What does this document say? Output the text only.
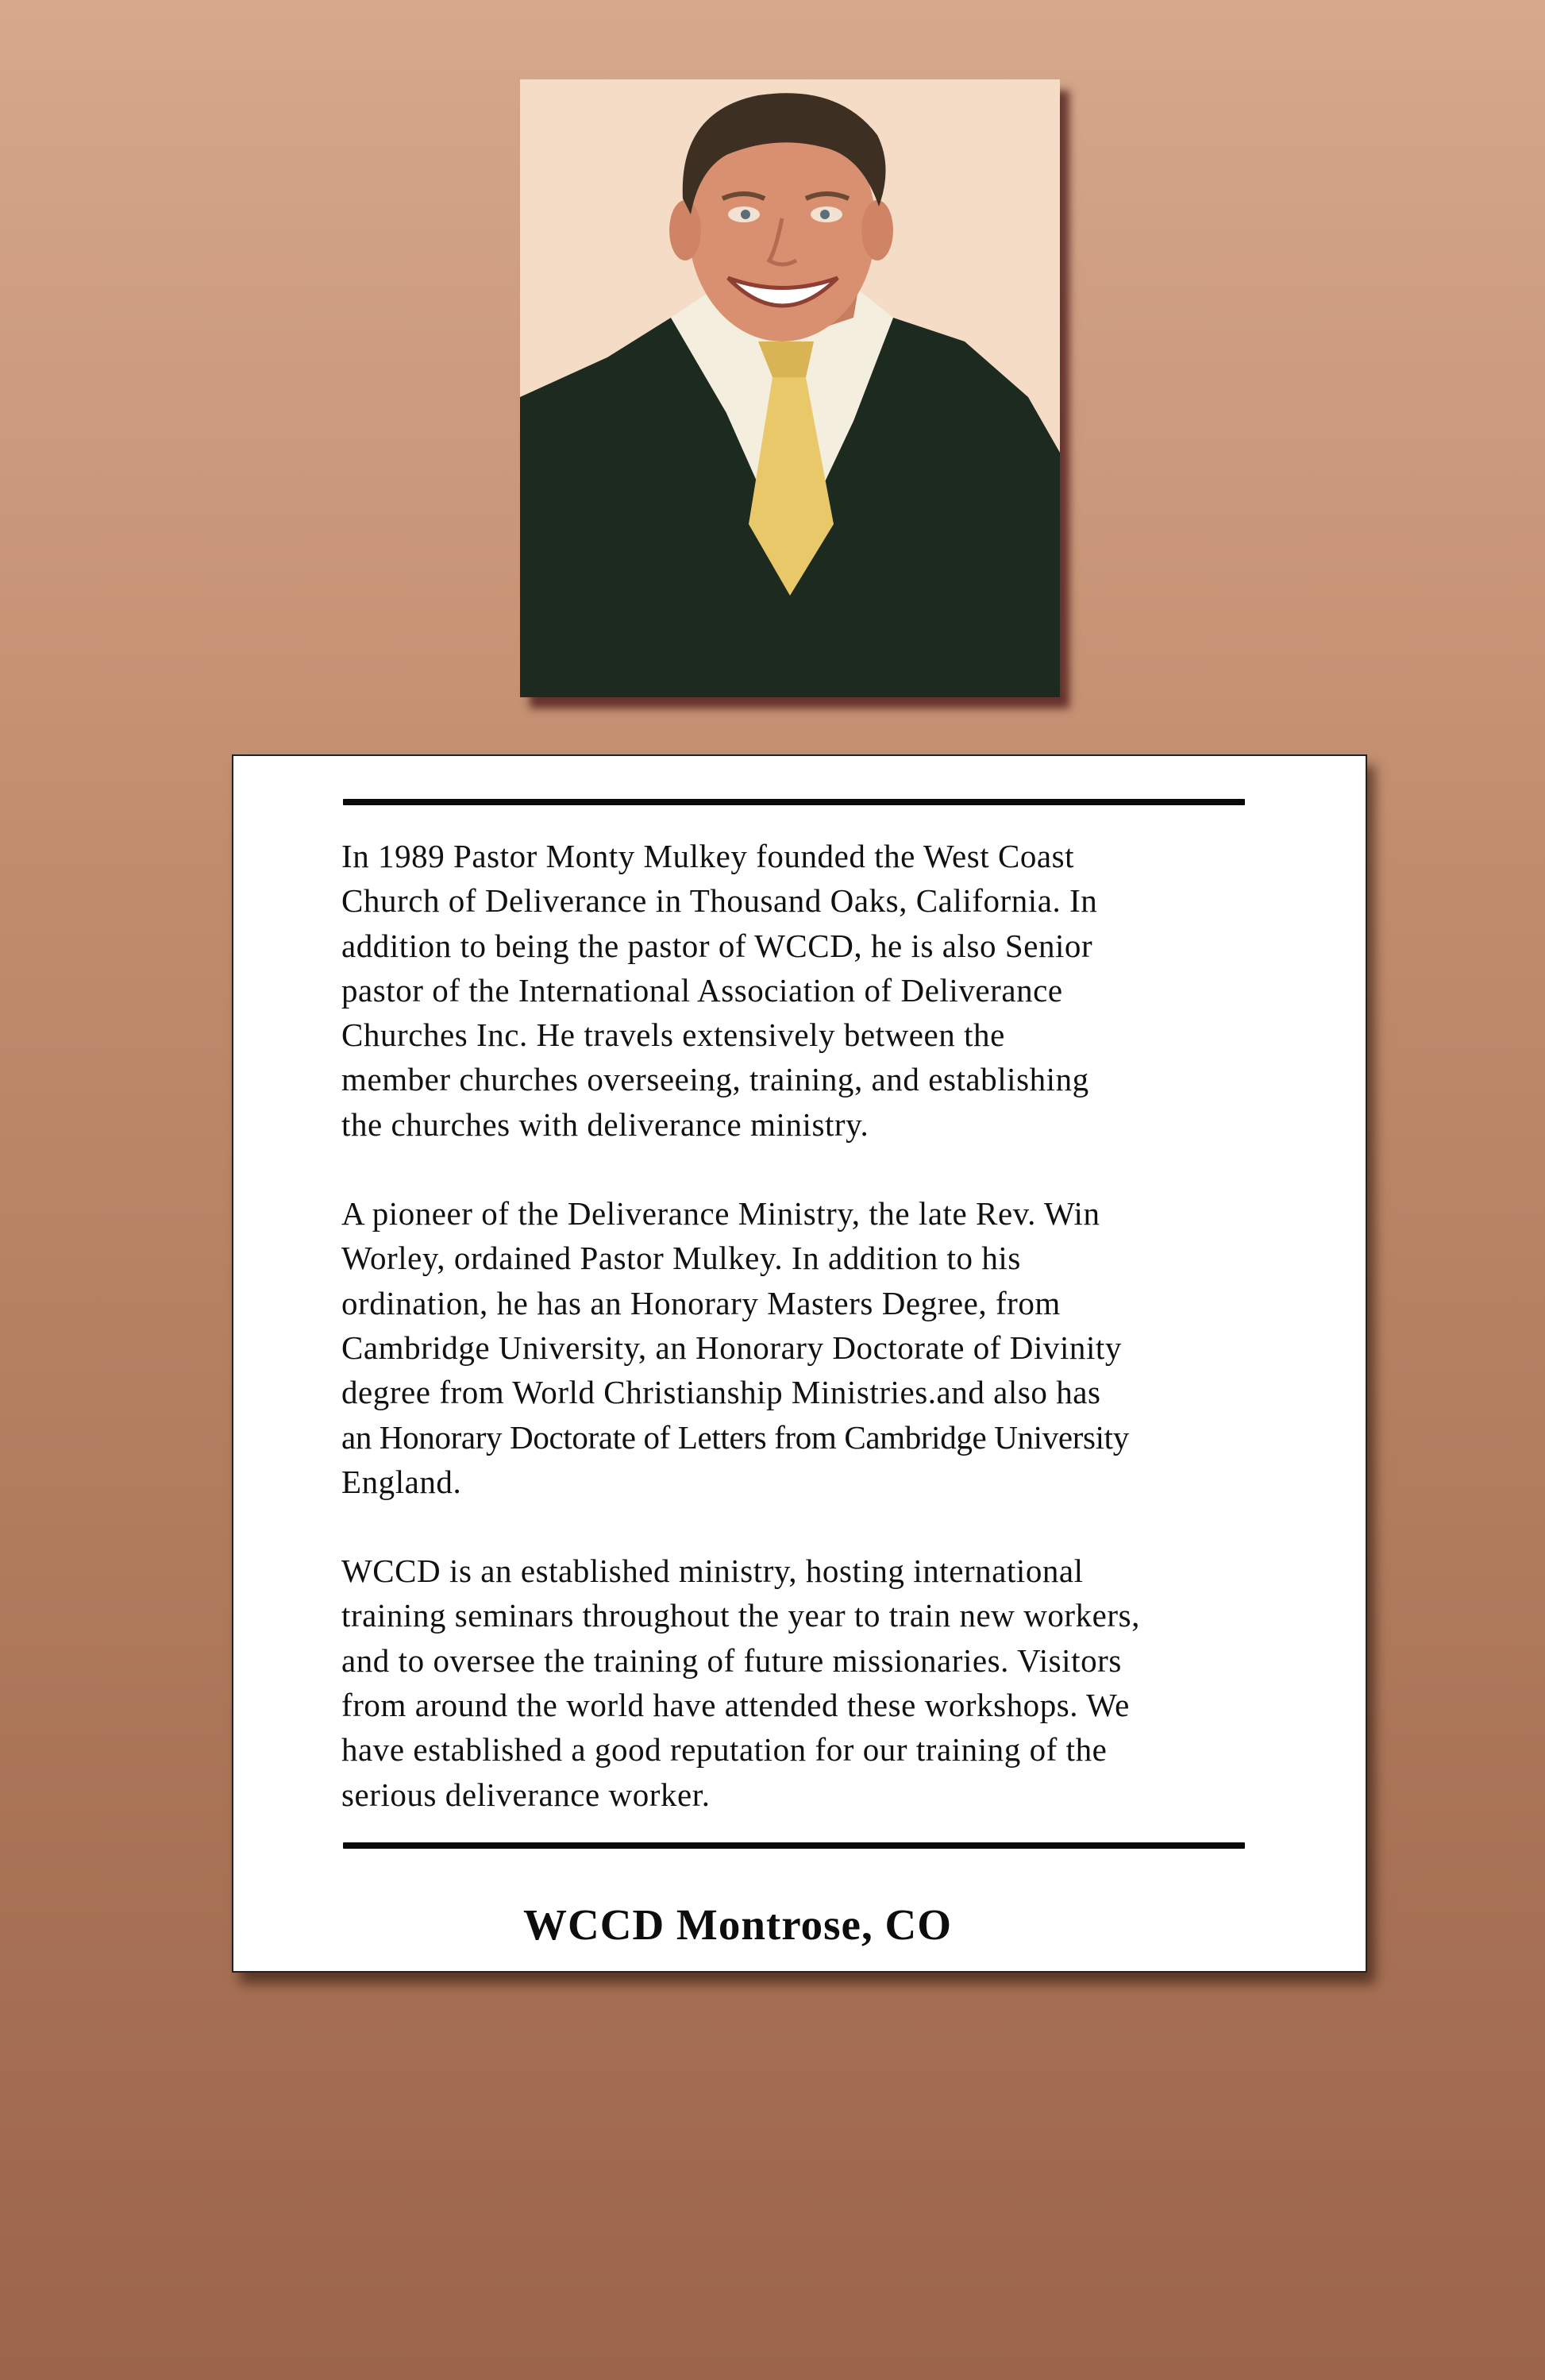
In 1989 Pastor Monty Mulkey founded the West Coast
Church of Deliverance in Thousand Oaks, California. In
addition to being the pastor of WCCD, he is also Senior
pastor of the International Association of Deliverance
Churches Inc. He travels extensively between the
member churches overseeing, training, and establishing
the churches with deliverance ministry.

A pioneer of the Deliverance Ministry, the late Rev. Win
Worley, ordained Pastor Mulkey. In addition to his
ordination, he has an Honorary Masters Degree, from
Cambridge University, an Honorary Doctorate of Divinity
degree from World Christianship Ministries.and also has
an Honorary Doctorate of Letters from Cambridge University
England.

WCCD is an established ministry, hosting international
training seminars throughout the year to train new workers,
and to oversee the training of future missionaries. Visitors
from around the world have attended these workshops. We
have established a good reputation for our training of the
serious deliverance worker.

WCCD Montrose, CO
